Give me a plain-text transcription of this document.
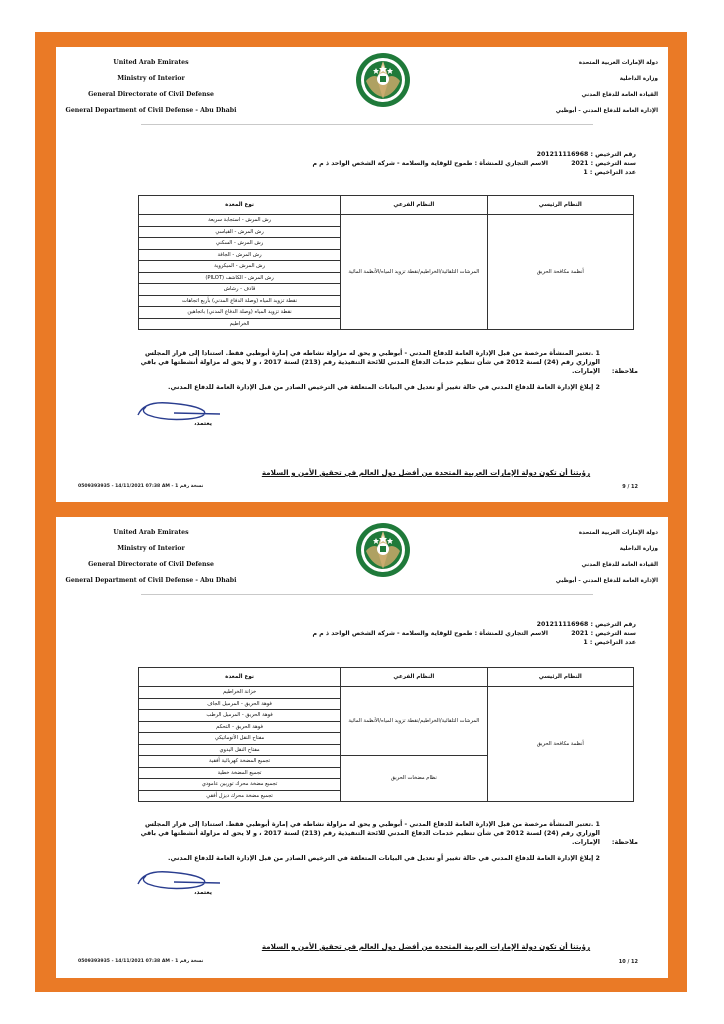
United Arab Emirates
Ministry of Interior
General Directorate of Civil Defense
General Department of Civil Defense - Abu Dhabi
دولة الإمارات العربية المتحدة
وزارة الداخلية
القيادة العامة للدفاع المدني
الإدارة العامة للدفاع المدني - أبوظبي
رقم الترخيص : 201211116968
سنة الترخيص : 2021
عدد التراخيص : 1
الاسم التجاري للمنشأة : طموح للوقاية والسلامة - شركة الشخص الواحد ذ م م
النظام الرئيسي	النظام الفرعي	نوع المعدة
أنظمة مكافحة الحريق	المرشات التلقائية/الخراطيم/نقطة تزويد المياه/الأنظمة المائية	رش المرش - استجابة سريعة
		رش المرش - القياسي
		رش المرش - السكني
		رش المرش - الجافة
		رش المرش - الميكروية
		رش المرش - الكاشف (PILOT)
		قاذف - رشاش
		نقطة تزويد المياه (وصلة الدفاع المدني) بأربع اتجاهات
		نقطة تزويد المياه (وصلة الدفاع المدني) باتجاهين
		الخراطيم
ملاحظة:
1 .تعتبر المنشأة مرخصة من قبل الإدارة العامة للدفاع المدني - أبوظبي و يحق له مزاولة نشاطه في إمارة أبوظبي فقط. استنادا إلى قرار المجلس الوزاري رقم (24) لسنة 2012 في شأن تنظيم خدمات الدفاع المدني للائحة التنفيذية رقم (213) لسنة 2017 ، و لا يحق له مزاولة أنشطتها في باقي الإمارات.
2 إبلاغ الإدارة العامة للدفاع المدني في حالة تغيير أو تعديل في البيانات المتعلقة في الترخيص الصادر من قبل الإدارة العامة للدفاع المدني.
يعتمد،
رؤيتنا أن تكون دولة الإمارات العربية المتحدة من أفضل دول العالم في تحقيق الأمن و السلامة
0509393935 - 14/11/2021 07:38 AM - نسخة رقم 1	9 / 12
United Arab Emirates
Ministry of Interior
General Directorate of Civil Defense
General Department of Civil Defense - Abu Dhabi
دولة الإمارات العربية المتحدة
وزارة الداخلية
القيادة العامة للدفاع المدني
الإدارة العامة للدفاع المدني - أبوظبي
رقم الترخيص : 201211116968
سنة الترخيص : 2021
عدد التراخيص : 1
الاسم التجاري للمنشأة : طموح للوقاية والسلامة - شركة الشخص الواحد ذ م م
النظام الرئيسي	النظام الفرعي	نوع المعدة
أنظمة مكافحة الحريق	المرشات التلقائية/الخراطيم/نقطة تزويد المياه/الأنظمة المائية	خزانة الخراطيم
		فوهة الحريق - المرميل الجاف
		فوهة الحريق - المرميل الرطب
		فوهة الحريق - التحكم
		مفتاح النقل الأتوماتيكي
		مفتاح النقل اليدوي
	نظام مضخات الحريق	تجميع المضخة كهربائية أفقية
		تجميع المضخة خطية
		تجميع مضخة محرك توربين عامودي
		تجميع مضخة محرك ديزل أفقي
ملاحظة:
1 .تعتبر المنشأة مرخصة من قبل الإدارة العامة للدفاع المدني - أبوظبي و يحق له مزاولة نشاطه في إمارة أبوظبي فقط. استنادا إلى قرار المجلس الوزاري رقم (24) لسنة 2012 في شأن تنظيم خدمات الدفاع المدني للائحة التنفيذية رقم (213) لسنة 2017 ، و لا يحق له مزاولة أنشطتها في باقي الإمارات.
2 إبلاغ الإدارة العامة للدفاع المدني في حالة تغيير أو تعديل في البيانات المتعلقة في الترخيص الصادر من قبل الإدارة العامة للدفاع المدني.
يعتمد،
رؤيتنا أن تكون دولة الإمارات العربية المتحدة من أفضل دول العالم في تحقيق الأمن و السلامة
0509393935 - 14/11/2021 07:38 AM - نسخة رقم 1	10 / 12
